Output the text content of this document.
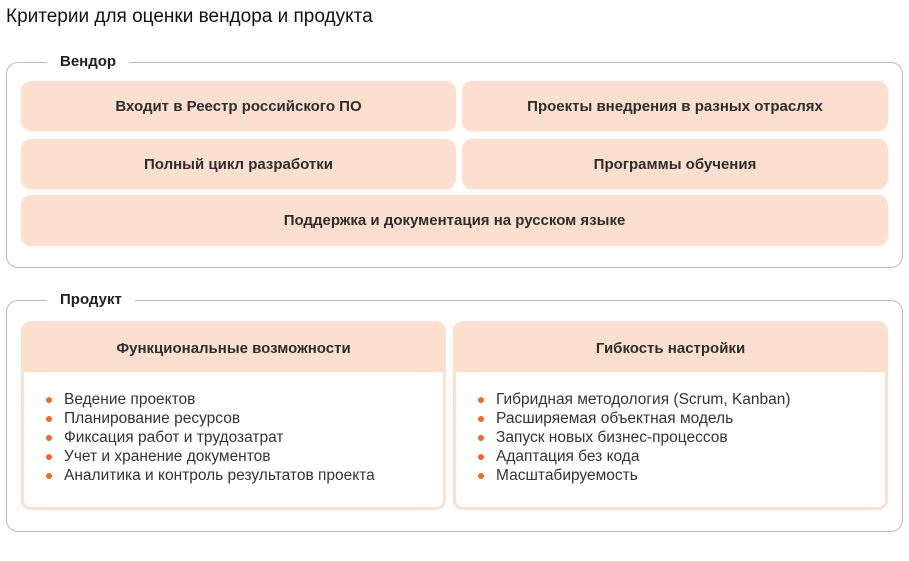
Критерии для оценки вендора и продукта
Вендор
Входит в Реестр российского ПО	Проекты внедрения в разных отраслях
Полный цикл разработки	Программы обучения
Поддержка и документация на русском языке
Продукт
Функциональные возможности
Ведение проектов
Планирование ресурсов
Фиксация работ и трудозатрат
Учет и хранение документов
Аналитика и контроль результатов проекта
Гибкость настройки
Гибридная методология (Scrum, Kanban)
Расширяемая объектная модель
Запуск новых бизнес-процессов
Адаптация без кода
Масштабируемость
